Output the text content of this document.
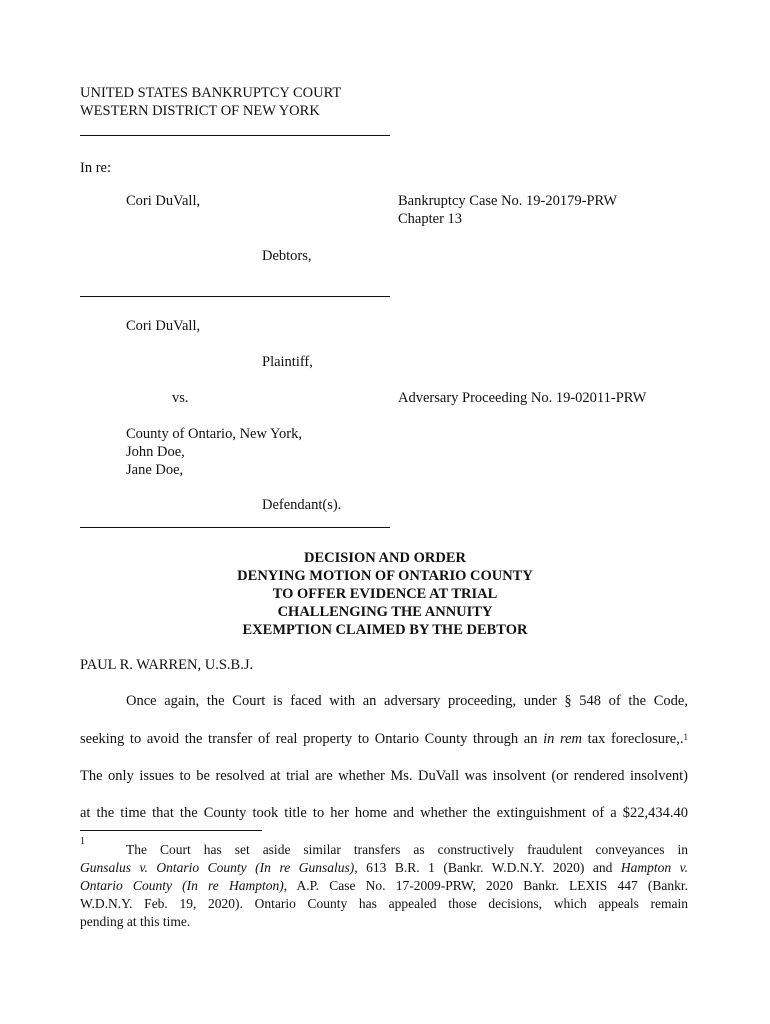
UNITED STATES BANKRUPTCY COURT

WESTERN DISTRICT OF NEW YORK

In re:

Cori DuVall,	Bankruptcy Case No. 19-20179-PRW

Chapter 13

Debtors,

Cori DuVall,

Plaintiff,

vs.	Adversary Proceeding No. 19-02011-PRW

County of Ontario, New York,

John Doe,

Jane Doe,

Defendant(s).

DECISION AND ORDER
DENYING MOTION OF ONTARIO COUNTY
TO OFFER EVIDENCE AT TRIAL
CHALLENGING THE ANNUITY
EXEMPTION CLAIMED BY THE DEBTOR

PAUL R. WARREN, U.S.B.J.

Once again, the Court is faced with an adversary proceeding, under § 548 of the Code,

seeking to avoid the transfer of real property to Ontario County through an in rem tax foreclosure,.$^1$

The only issues to be resolved at trial are whether Ms. DuVall was insolvent (or rendered insolvent)

at the time that the County took title to her home and whether the extinguishment of a $22,434.40

1

The Court has set aside similar transfers as constructively fraudulent conveyances in

Gunsalus v. Ontario County (In re Gunsalus), 613 B.R. 1 (Bankr. W.D.N.Y. 2020) and Hampton v.

Ontario County (In re Hampton), A.P. Case No. 17-2009-PRW, 2020 Bankr. LEXIS 447 (Bankr.

W.D.N.Y. Feb. 19, 2020). Ontario County has appealed those decisions, which appeals remain

pending at this time.
